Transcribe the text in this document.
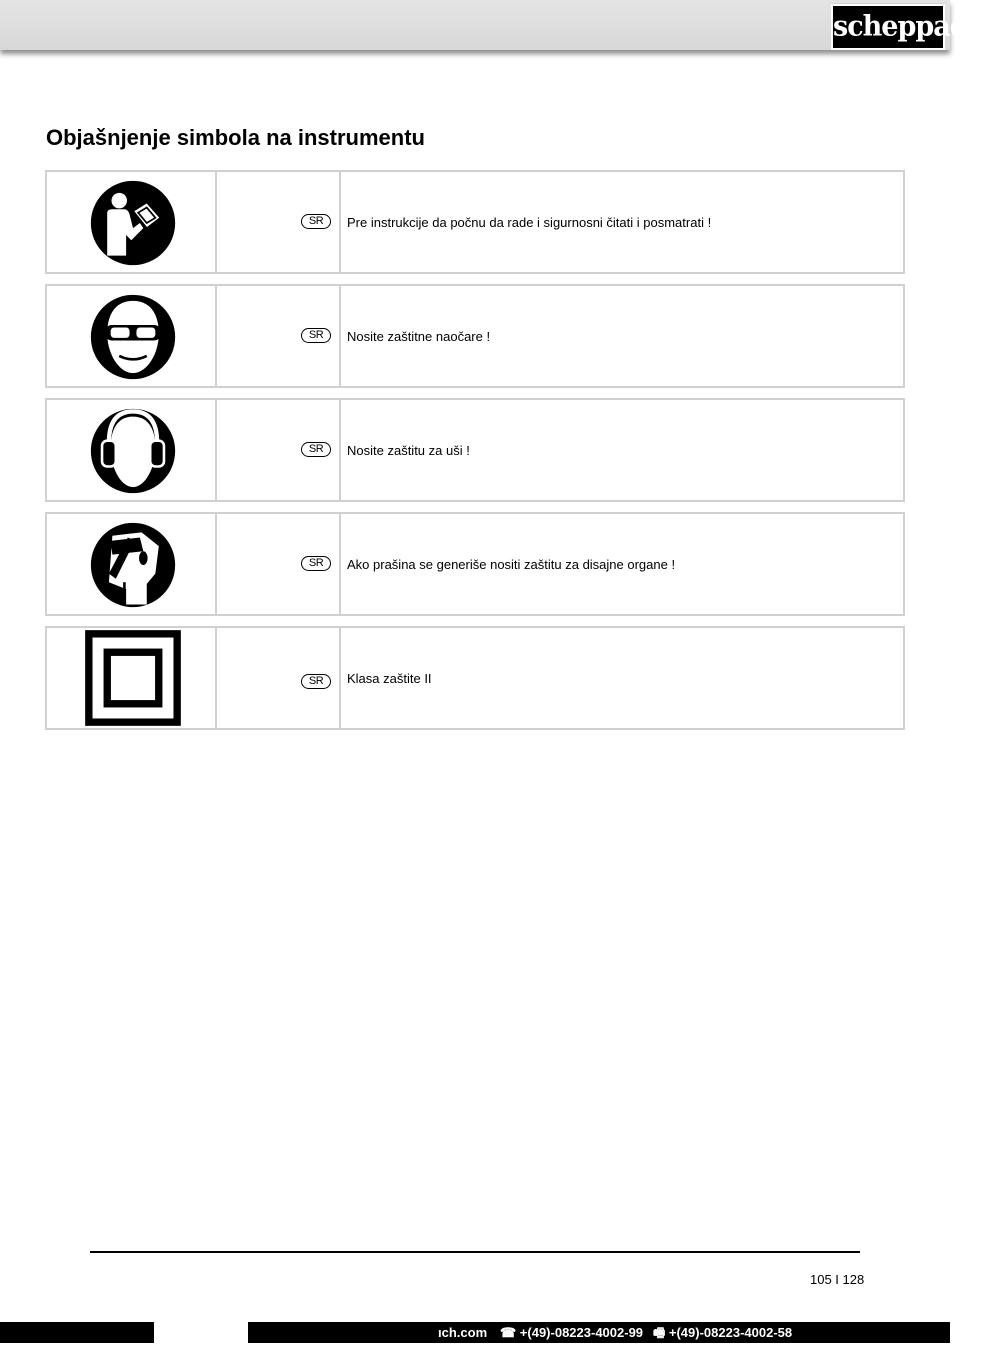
scheppach
Objašnjenje simbola na instrumentu
SR	Pre instrukcije da počnu da rade i sigurnosni čitati i posmatrati !
SR	Nosite zaštitne naočare !
SR	Nosite zaštitu za uši !
SR	Ako prašina se generiše nositi zaštitu za disajne organe !
SR	Klasa zaštite II
105 I 128
ıch.com ☎ +(49)-08223-4002-99 🖷 +(49)-08223-4002-58
